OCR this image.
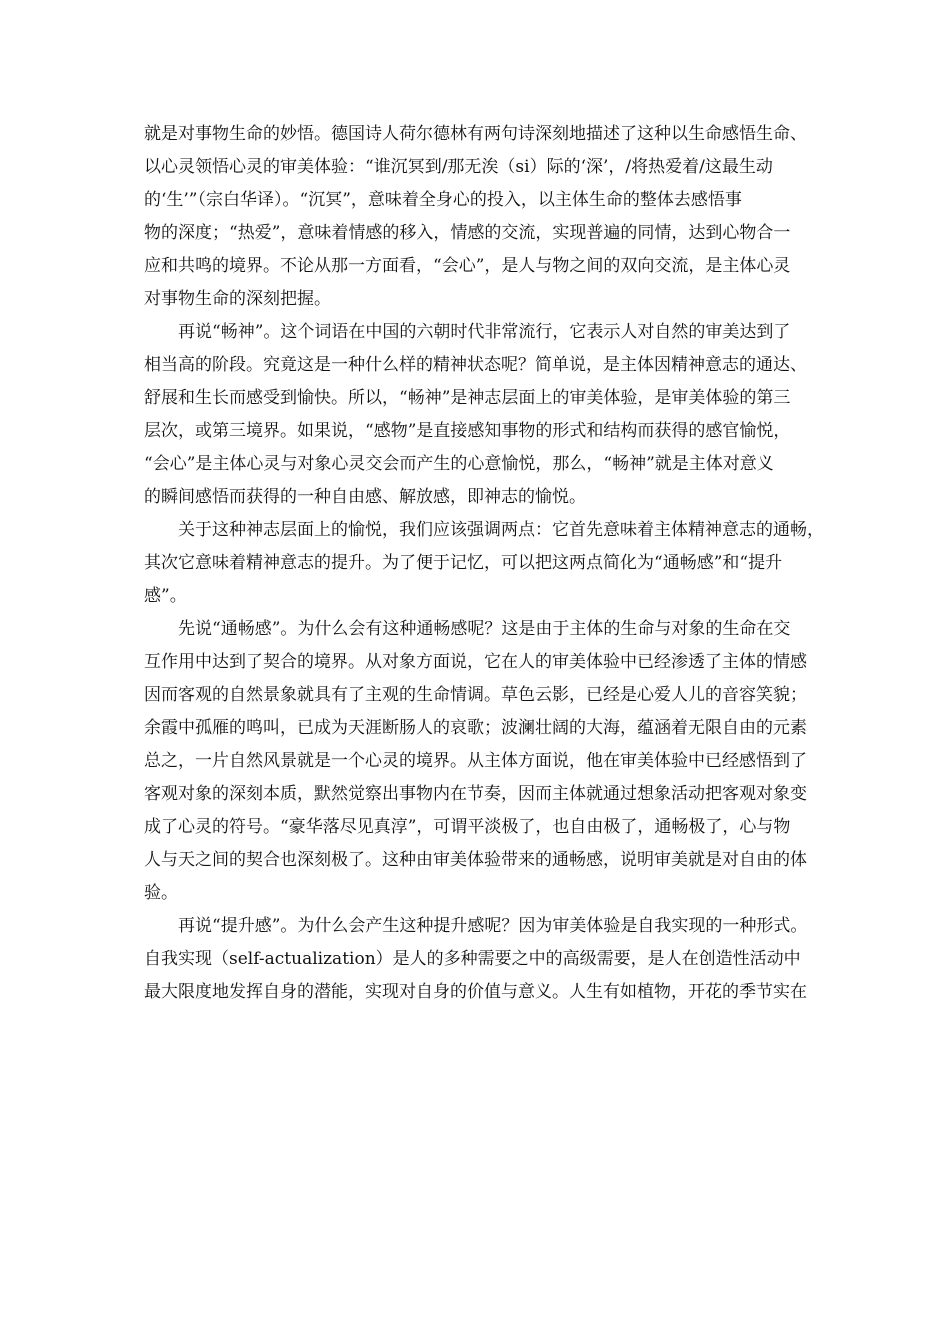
就是对事物生命的妙悟。德国诗人荷尔德林有两句诗深刻地描述了这种以生命感悟生命、
以心灵领悟心灵的审美体验：“谁沉冥到/那无涘（si）际的‘深’，/将热爱着/这最生动
的‘生’”（宗白华译）。“沉冥”，意味着全身心的投入，以主体生命的整体去感悟事
物的深度；“热爱”，意味着情感的移入，情感的交流，实现普遍的同情，达到心物合一
应和共鸣的境界。不论从那一方面看，“会心”，是人与物之间的双向交流，是主体心灵
对事物生命的深刻把握。
再说“畅神”。这个词语在中国的六朝时代非常流行，它表示人对自然的审美达到了
相当高的阶段。究竟这是一种什么样的精神状态呢？简单说，是主体因精神意志的通达、
舒展和生长而感受到愉快。所以，“畅神”是神志层面上的审美体验，是审美体验的第三
层次，或第三境界。如果说，“感物”是直接感知事物的形式和结构而获得的感官愉悦，
“会心”是主体心灵与对象心灵交会而产生的心意愉悦，那么，“畅神”就是主体对意义
的瞬间感悟而获得的一种自由感、解放感，即神志的愉悦。
关于这种神志层面上的愉悦，我们应该强调两点：它首先意味着主体精神意志的通畅，
其次它意味着精神意志的提升。为了便于记忆，可以把这两点简化为“通畅感”和“提升
感”。
先说“通畅感”。为什么会有这种通畅感呢？这是由于主体的生命与对象的生命在交
互作用中达到了契合的境界。从对象方面说，它在人的审美体验中已经渗透了主体的情感
因而客观的自然景象就具有了主观的生命情调。草色云影，已经是心爱人儿的音容笑貌；
余霞中孤雁的鸣叫，已成为天涯断肠人的哀歌；波澜壮阔的大海，蕴涵着无限自由的元素
总之，一片自然风景就是一个心灵的境界。从主体方面说，他在审美体验中已经感悟到了
客观对象的深刻本质，默然觉察出事物内在节奏，因而主体就通过想象活动把客观对象变
成了心灵的符号。“豪华落尽见真淳”，可谓平淡极了，也自由极了，通畅极了，心与物
人与天之间的契合也深刻极了。这种由审美体验带来的通畅感，说明审美就是对自由的体
验。
再说“提升感”。为什么会产生这种提升感呢？因为审美体验是自我实现的一种形式。
自我实现（self-actualization）是人的多种需要之中的高级需要，是人在创造性活动中
最大限度地发挥自身的潜能，实现对自身的价值与意义。人生有如植物，开花的季节实在
